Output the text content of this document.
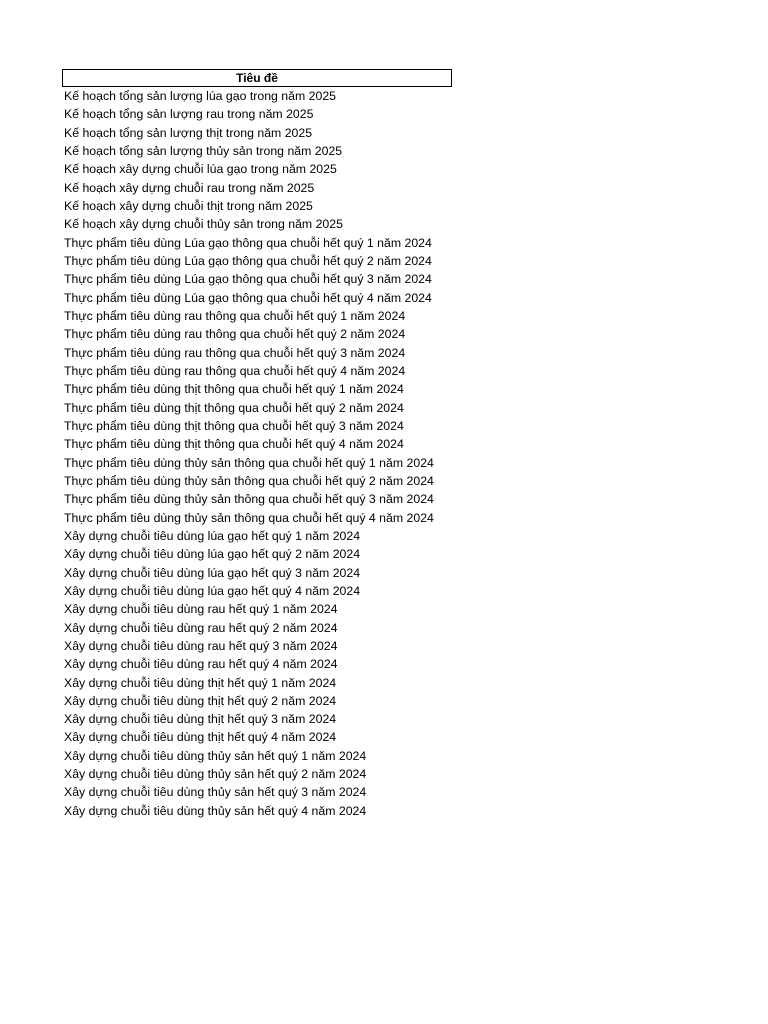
Tiêu đề
Kế hoạch tổng sản lượng lúa gạo trong năm 2025
Kế hoạch tổng sản lượng rau trong năm 2025
Kế hoạch tổng sản lượng thịt trong năm 2025
Kế hoạch tổng sản lượng thủy sản trong năm 2025
Kế hoạch xây dựng chuỗi lúa gạo trong năm 2025
Kế hoạch xây dựng chuỗi rau trong năm 2025
Kế hoạch xây dựng chuỗi thịt trong năm 2025
Kế hoạch xây dựng chuỗi thủy sản trong năm 2025
Thực phẩm tiêu dùng Lúa gạo thông qua chuỗi hết quý 1 năm 2024
Thực phẩm tiêu dùng Lúa gạo thông qua chuỗi hết quý 2 năm 2024
Thực phẩm tiêu dùng Lúa gạo thông qua chuỗi hết quý 3 năm 2024
Thực phẩm tiêu dùng Lúa gạo thông qua chuỗi hết quý 4 năm 2024
Thực phẩm tiêu dùng rau thông qua chuỗi hết quý 1 năm 2024
Thực phẩm tiêu dùng rau thông qua chuỗi hết quý 2 năm 2024
Thực phẩm tiêu dùng rau thông qua chuỗi hết quý 3 năm 2024
Thực phẩm tiêu dùng rau thông qua chuỗi hết quý 4 năm 2024
Thực phẩm tiêu dùng thịt thông qua chuỗi hết quý 1 năm 2024
Thực phẩm tiêu dùng thịt thông qua chuỗi hết quý 2 năm 2024
Thực phẩm tiêu dùng thịt thông qua chuỗi hết quý 3 năm 2024
Thực phẩm tiêu dùng thịt thông qua chuỗi hết quý 4 năm 2024
Thực phẩm tiêu dùng thủy sản thông qua chuỗi hết quý 1 năm 2024
Thực phẩm tiêu dùng thủy sản thông qua chuỗi hết quý 2 năm 2024
Thực phẩm tiêu dùng thủy sản thông qua chuỗi hết quý 3 năm 2024
Thực phẩm tiêu dùng thủy sản thông qua chuỗi hết quý 4 năm 2024
Xây dựng chuỗi tiêu dùng lúa gạo hết quý 1 năm 2024
Xây dựng chuỗi tiêu dùng lúa gạo hết quý 2 năm 2024
Xây dựng chuỗi tiêu dùng lúa gạo hết quý 3 năm 2024
Xây dựng chuỗi tiêu dùng lúa gạo hết quý 4 năm 2024
Xây dựng chuỗi tiêu dùng rau hết quý 1 năm 2024
Xây dựng chuỗi tiêu dùng rau hết quý 2 năm 2024
Xây dựng chuỗi tiêu dùng rau hết quý 3 năm 2024
Xây dựng chuỗi tiêu dùng rau hết quý 4 năm 2024
Xây dựng chuỗi tiêu dùng thịt hết quý 1 năm 2024
Xây dựng chuỗi tiêu dùng thịt hết quý 2 năm 2024
Xây dựng chuỗi tiêu dùng thịt hết quý 3 năm 2024
Xây dựng chuỗi tiêu dùng thịt hết quý 4 năm 2024
Xây dựng chuỗi tiêu dùng thủy sản hết quý 1 năm 2024
Xây dựng chuỗi tiêu dùng thủy sản hết quý 2 năm 2024
Xây dựng chuỗi tiêu dùng thủy sản hết quý 3 năm 2024
Xây dựng chuỗi tiêu dùng thủy sản hết quý 4 năm 2024
